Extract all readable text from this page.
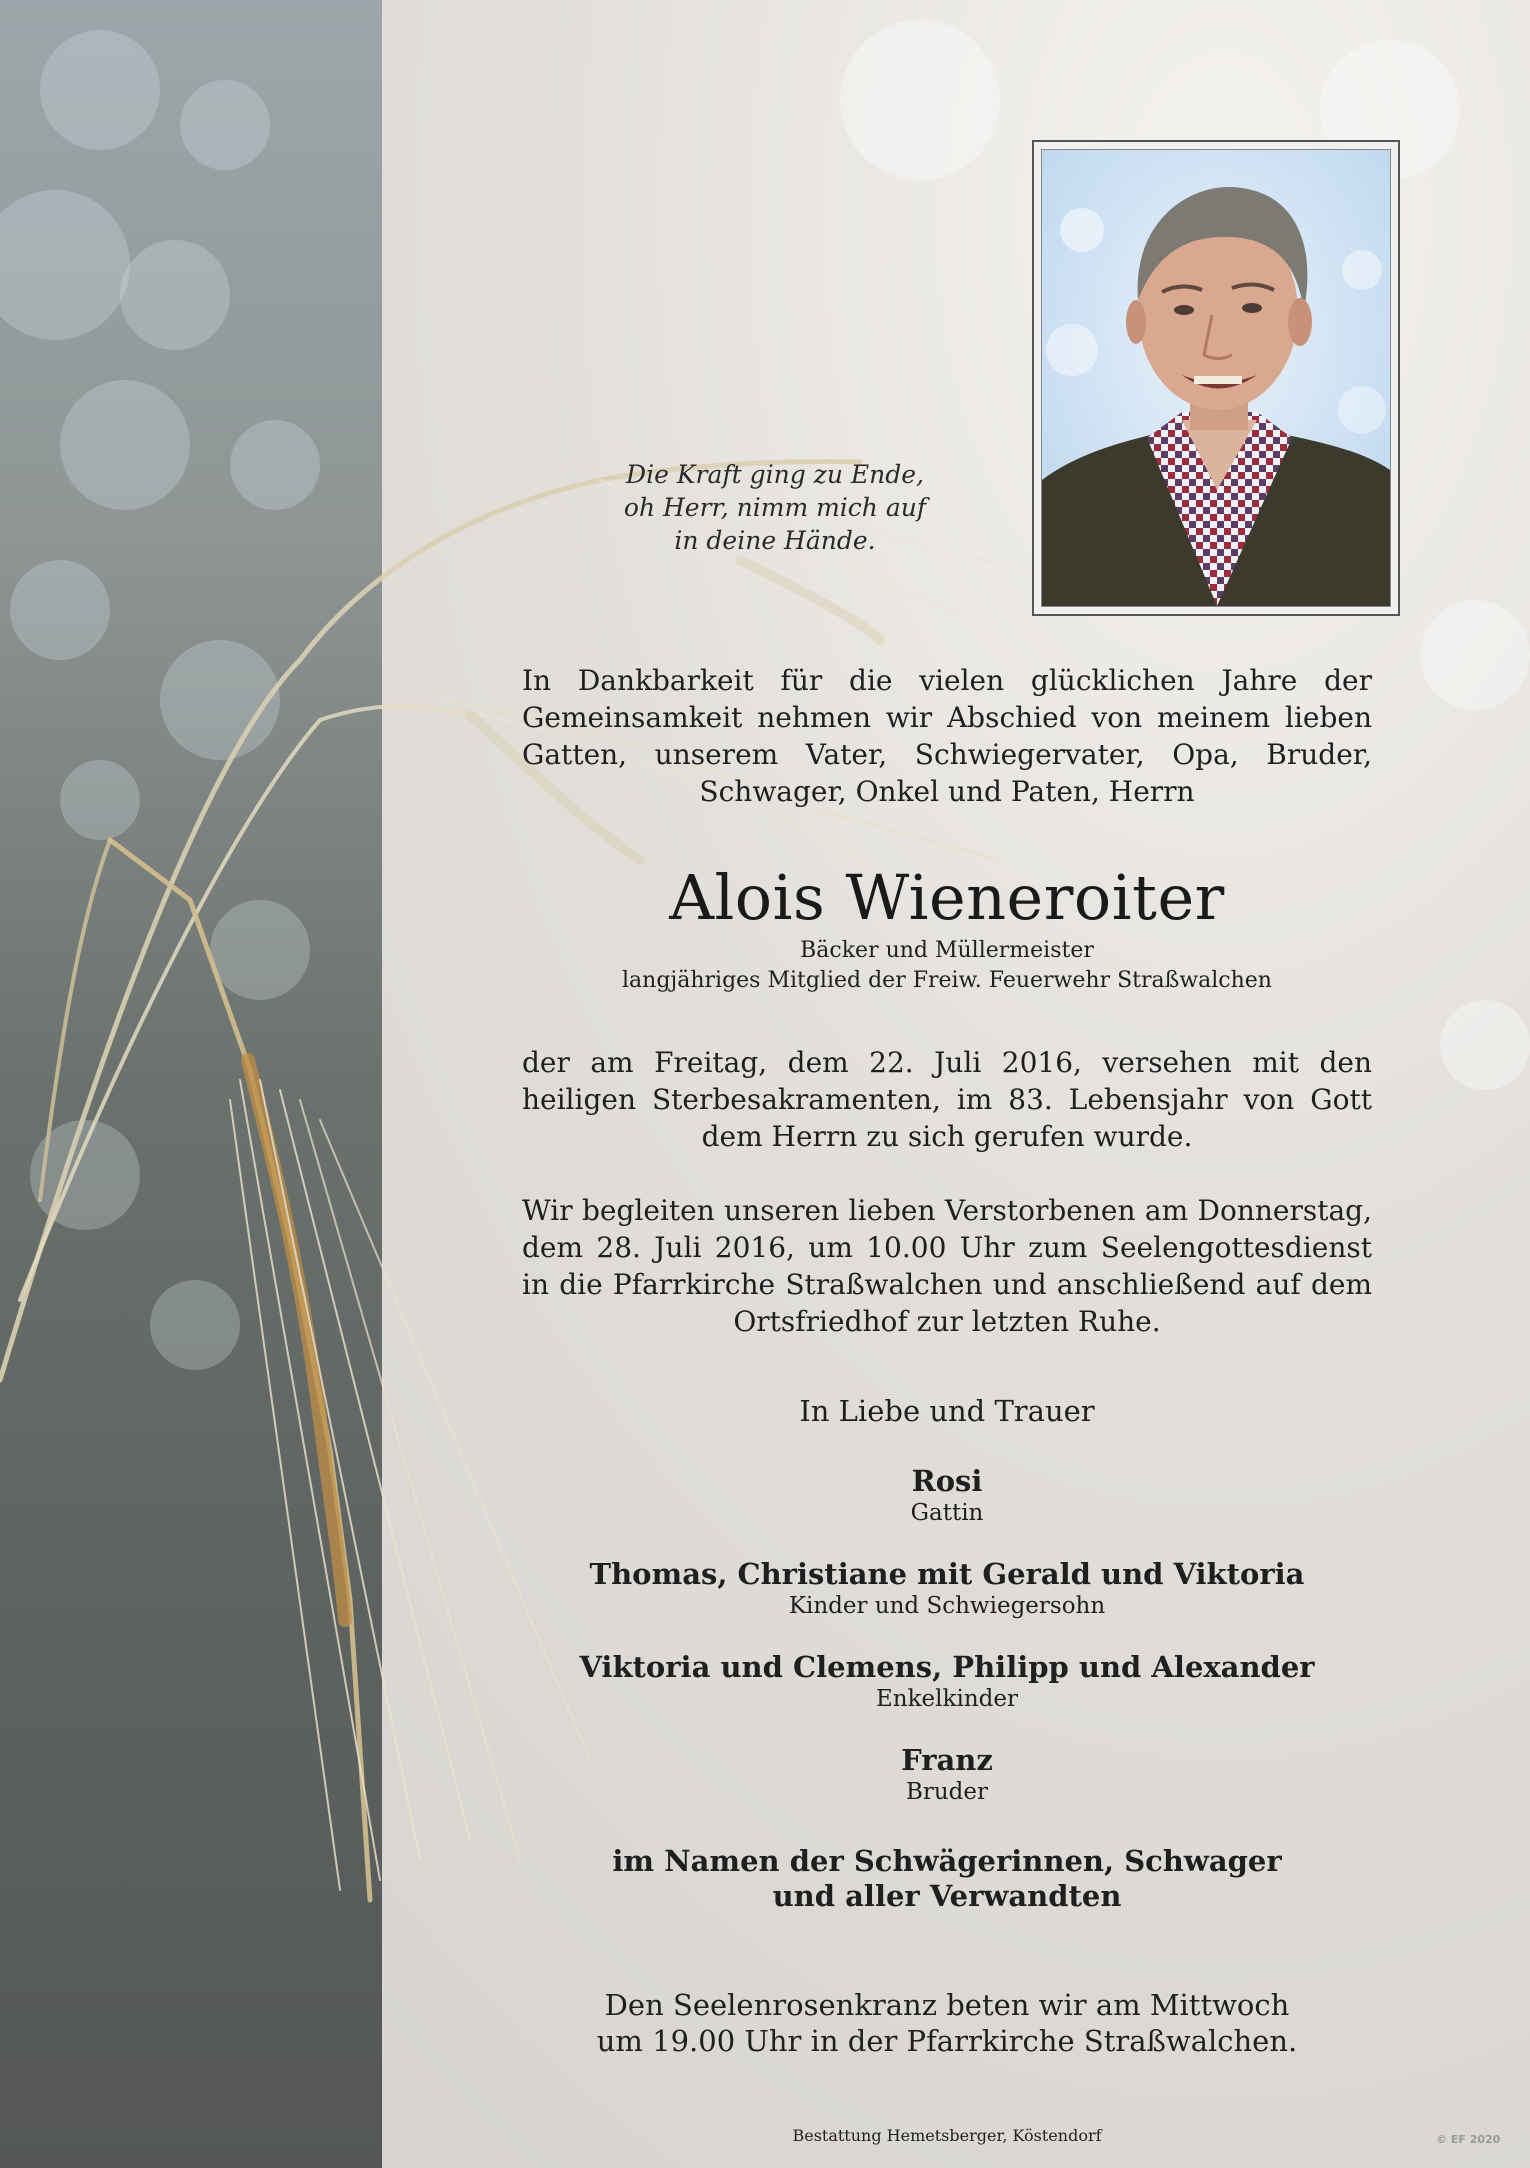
Die Kraft ging zu Ende,
oh Herr, nimm mich auf
in deine Hände.

In Dankbarkeit für die vielen glücklichen Jahre der Gemeinsamkeit nehmen wir Abschied von meinem lieben Gatten, unserem Vater, Schwiegervater, Opa, Bruder, Schwager, Onkel und Paten, Herrn

Alois Wieneroiter

Bäcker und Müllermeister

langjähriges Mitglied der Freiw. Feuerwehr Straßwalchen

der am Freitag, dem 22. Juli 2016, versehen mit den heiligen Sterbesakramenten, im 83. Lebensjahr von Gott dem Herrn zu sich gerufen wurde.

Wir begleiten unseren lieben Verstorbenen am Donnerstag, dem 28. Juli 2016, um 10.00 Uhr zum Seelengottesdienst in die Pfarrkirche Straßwalchen und anschließend auf dem Ortsfriedhof zur letzten Ruhe.

In Liebe und Trauer

Rosi
Gattin
Thomas, Christiane mit Gerald und Viktoria
Kinder und Schwiegersohn
Viktoria und Clemens, Philipp und Alexander
Enkelkinder
Franz
Bruder
im Namen der Schwägerinnen, Schwager
und aller Verwandten
Den Seelenrosenkranz beten wir am Mittwoch
um 19.00 Uhr in der Pfarrkirche Straßwalchen.

Bestattung Hemetsberger, Köstendorf	© EF 2020
